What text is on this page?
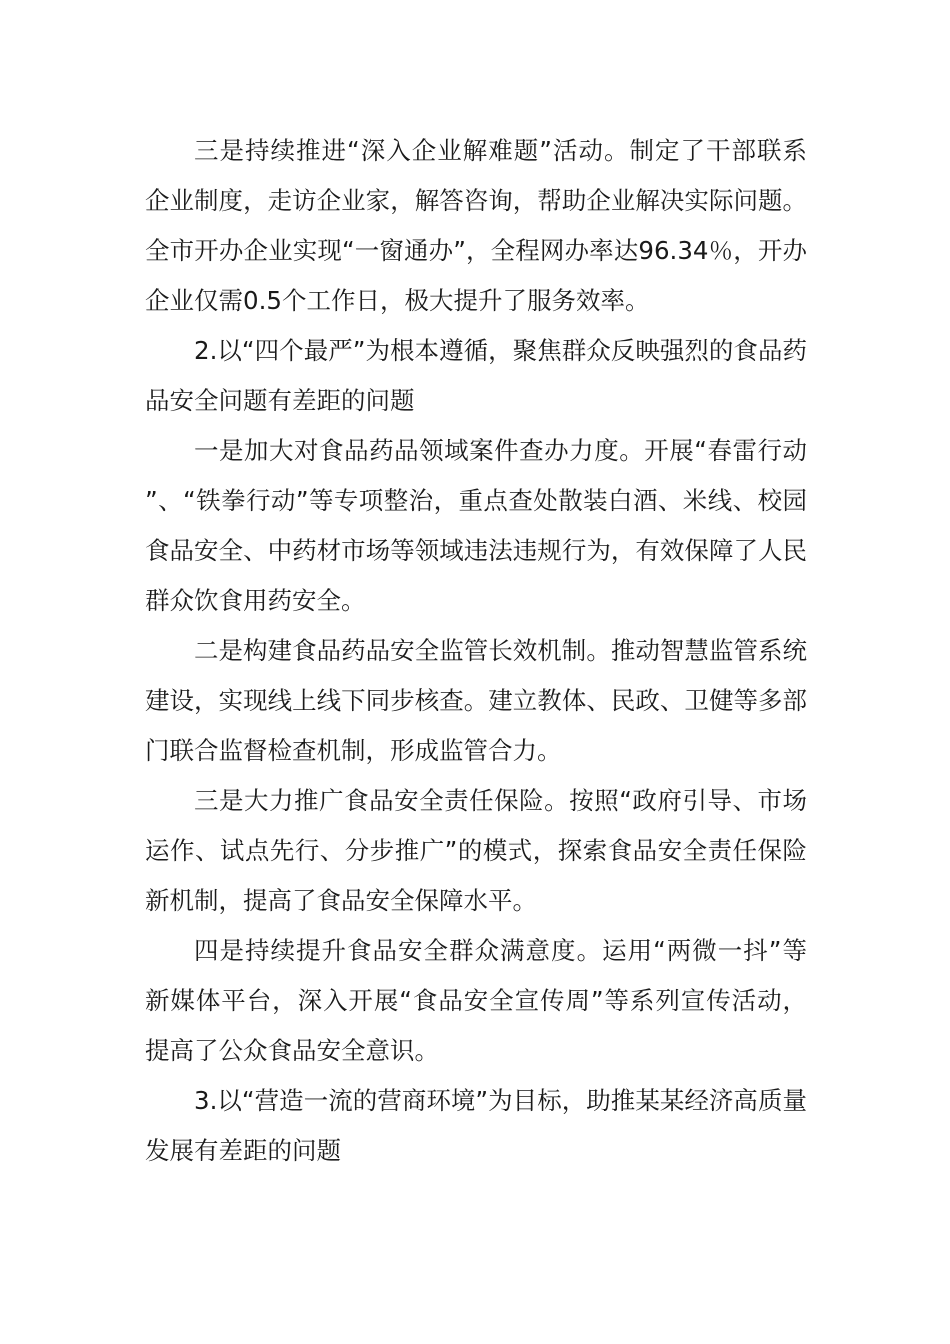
三是持续推进“深入企业解难题”活动。制定了干部联系企业制度，走访企业家，解答咨询，帮助企业解决实际问题。全市开办企业实现“一窗通办”，全程网办率达96.34％，开办企业仅需0.5个工作日，极大提升了服务效率。

2.以“四个最严”为根本遵循，聚焦群众反映强烈的食品药品安全问题有差距的问题

一是加大对食品药品领域案件查办力度。开展“春雷行动”、“铁拳行动”等专项整治，重点查处散装白酒、米线、校园食品安全、中药材市场等领域违法违规行为，有效保障了人民群众饮食用药安全。

二是构建食品药品安全监管长效机制。推动智慧监管系统建设，实现线上线下同步核查。建立教体、民政、卫健等多部门联合监督检查机制，形成监管合力。

三是大力推广食品安全责任保险。按照“政府引导、市场运作、试点先行、分步推广”的模式，探索食品安全责任保险新机制，提高了食品安全保障水平。

四是持续提升食品安全群众满意度。运用“两微一抖”等新媒体平台，深入开展“食品安全宣传周”等系列宣传活动，提高了公众食品安全意识。

3.以“营造一流的营商环境”为目标，助推某某经济高质量发展有差距的问题
